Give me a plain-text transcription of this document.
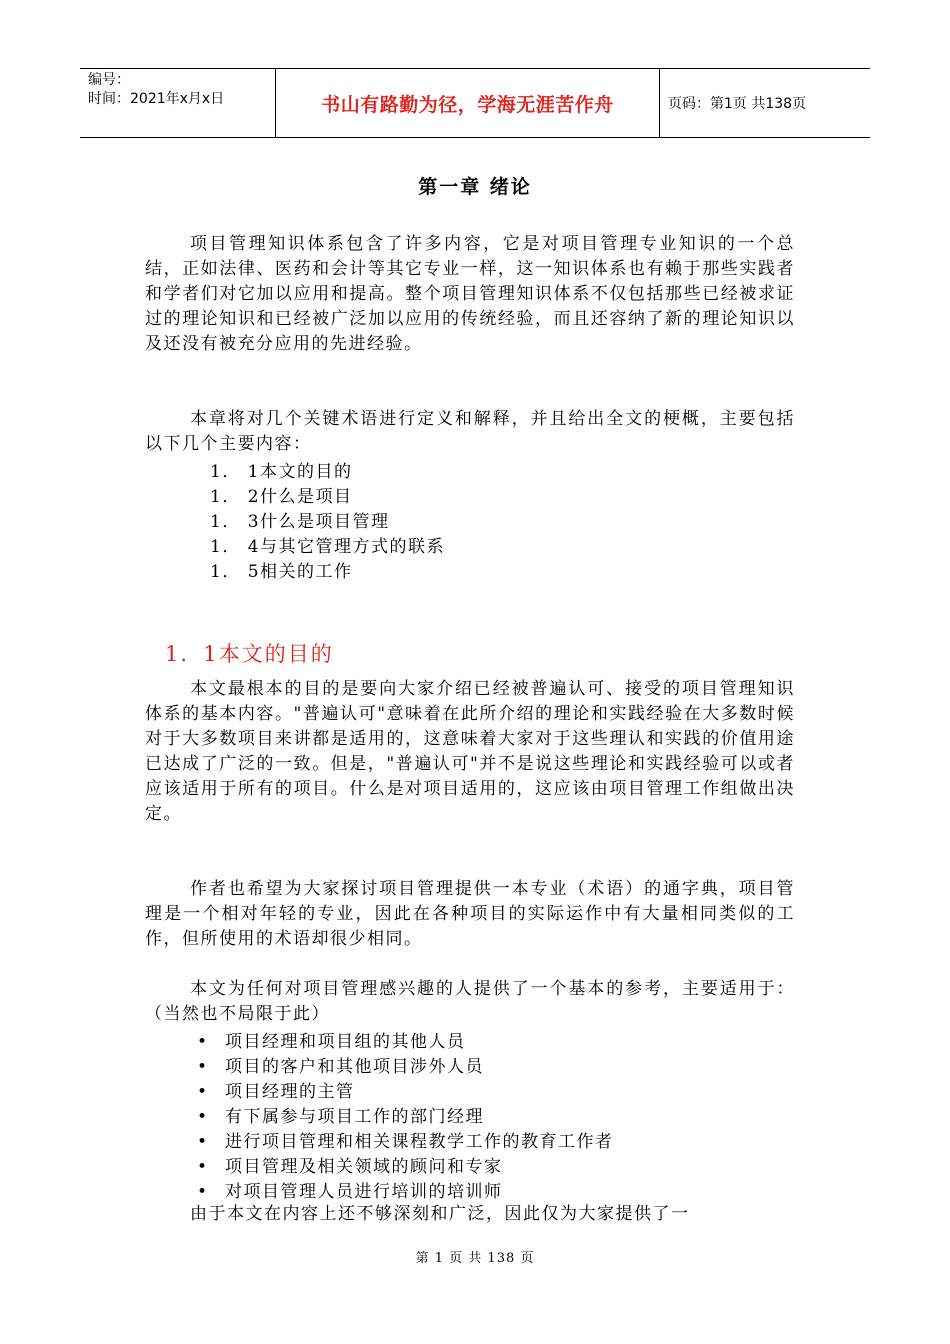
编号：
时间：2021年x月x日	书山有路勤为径，学海无涯苦作舟	页码：第1页 共138页
第一章 绪论

项目管理知识体系包含了许多内容，它是对项目管理专业知识的一个总结，正如法律、医药和会计等其它专业一样，这一知识体系也有赖于那些实践者和学者们对它加以应用和提高。整个项目管理知识体系不仅包括那些已经被求证过的理论知识和已经被广泛加以应用的传统经验，而且还容纳了新的理论知识以及还没有被充分应用的先进经验。

本章将对几个关键术语进行定义和解释，并且给出全文的梗概，主要包括以下几个主要内容：

1． 1本文的目的
1． 2什么是项目
1． 3什么是项目管理
1． 4与其它管理方式的联系
1． 5相关的工作
1．1本文的目的

本文最根本的目的是要向大家介绍已经被普遍认可、接受的项目管理知识体系的基本内容。"普遍认可"意味着在此所介绍的理论和实践经验在大多数时候对于大多数项目来讲都是适用的，这意味着大家对于这些理认和实践的价值用途已达成了广泛的一致。但是，"普遍认可"并不是说这些理论和实践经验可以或者应该适用于所有的项目。什么是对项目适用的，这应该由项目管理工作组做出决定。

作者也希望为大家探讨项目管理提供一本专业（术语）的通字典，项目管理是一个相对年轻的专业，因此在各种项目的实际运作中有大量相同类似的工作，但所使用的术语却很少相同。

本文为任何对项目管理感兴趣的人提供了一个基本的参考，主要适用于：（当然也不局限于此）

• 项目经理和项目组的其他人员
• 项目的客户和其他项目涉外人员
• 项目经理的主管
• 有下属参与项目工作的部门经理
• 进行项目管理和相关课程教学工作的教育工作者
• 项目管理及相关领域的顾问和专家
• 对项目管理人员进行培训的培训师

由于本文在内容上还不够深刻和广泛，因此仅为大家提供了一

第 1 页 共 138 页
